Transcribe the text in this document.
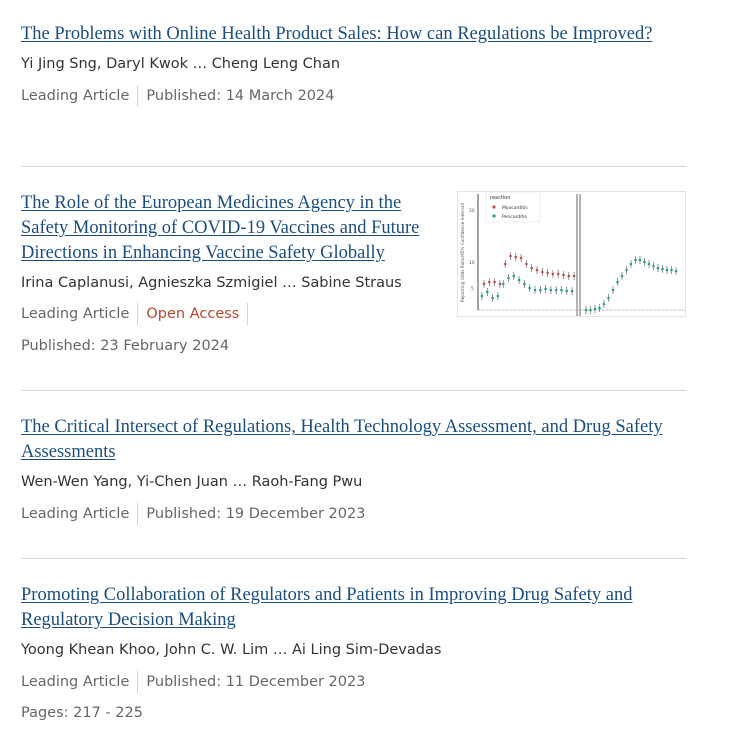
The Problems with Online Health Product Sales: How can Regulations be Improved?
Yi Jing Sng, Daryl Kwok … Cheng Leng Chan
Leading Article Published: 14 March 2024
The Role of the European Medicines Agency in the Safety Monitoring of COVID-19 Vaccines and Future Directions in Enhancing Vaccine Safety Globally
Irina Caplanusi, Agnieszka Szmigiel … Sabine Straus
Leading Article Open Access
Published: 23 February 2024
Reporting Odds Ratio(95% Confidence Interval) 20
10
5
reaction
Myocarditis
Pericarditis
The Critical Intersect of Regulations, Health Technology Assessment, and Drug Safety Assessments
Wen-Wen Yang, Yi-Chen Juan … Raoh-Fang Pwu
Leading Article Published: 19 December 2023
Promoting Collaboration of Regulators and Patients in Improving Drug Safety and Regulatory Decision Making
Yoong Khean Khoo, John C. W. Lim … Ai Ling Sim-Devadas
Leading Article Published: 11 December 2023
Pages: 217 - 225
